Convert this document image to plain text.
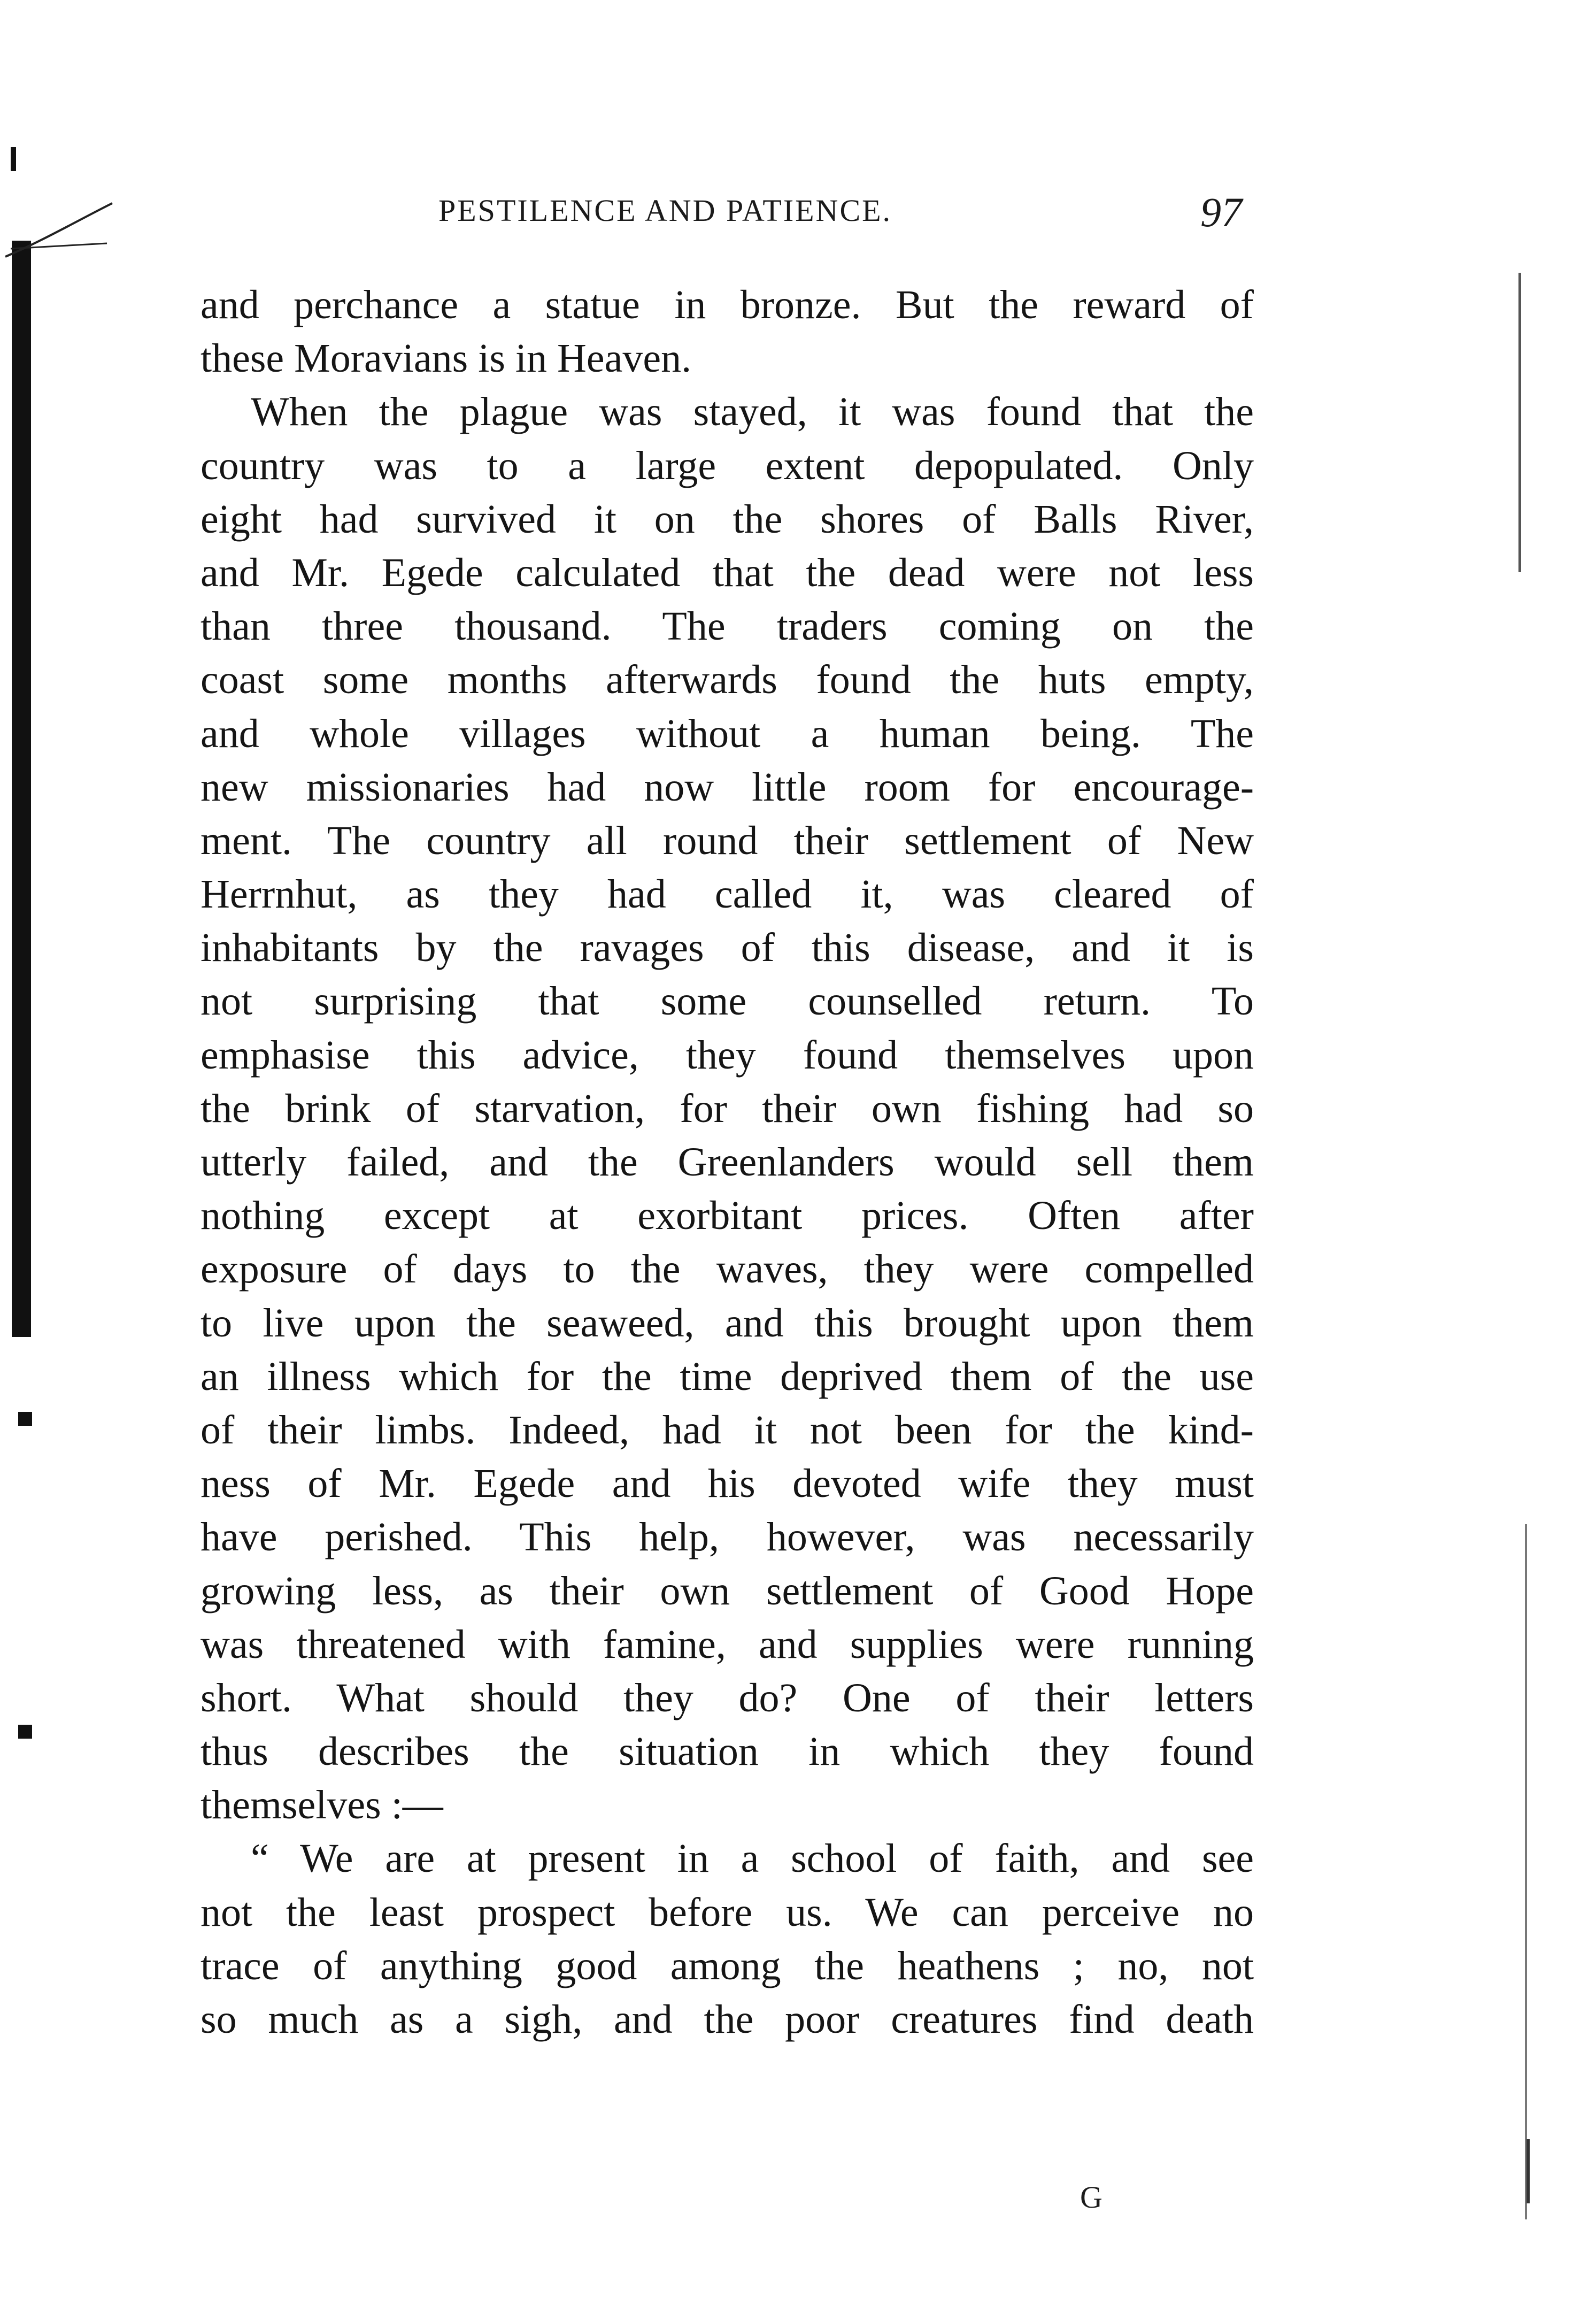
PESTILENCE AND PATIENCE.	97
and perchance a statue in bronze. But the reward of
these Moravians is in Heaven.
When the plague was stayed, it was found that the
country was to a large extent depopulated. Only
eight had survived it on the shores of Balls River,
and Mr. Egede calculated that the dead were not less
than three thousand. The traders coming on the
coast some months afterwards found the huts empty,
and whole villages without a human being. The
new missionaries had now little room for encourage-
ment. The country all round their settlement of New
Herrnhut, as they had called it, was cleared of
inhabitants by the ravages of this disease, and it is
not surprising that some counselled return. To
emphasise this advice, they found themselves upon
the brink of starvation, for their own fishing had so
utterly failed, and the Greenlanders would sell them
nothing except at exorbitant prices. Often after
exposure of days to the waves, they were compelled
to live upon the seaweed, and this brought upon them
an illness which for the time deprived them of the use
of their limbs. Indeed, had it not been for the kind-
ness of Mr. Egede and his devoted wife they must
have perished. This help, however, was necessarily
growing less, as their own settlement of Good Hope
was threatened with famine, and supplies were running
short. What should they do? One of their letters
thus describes the situation in which they found
themselves :—
“ We are at present in a school of faith, and see
not the least prospect before us. We can perceive no
trace of anything good among the heathens ; no, not
so much as a sigh, and the poor creatures find death
G
